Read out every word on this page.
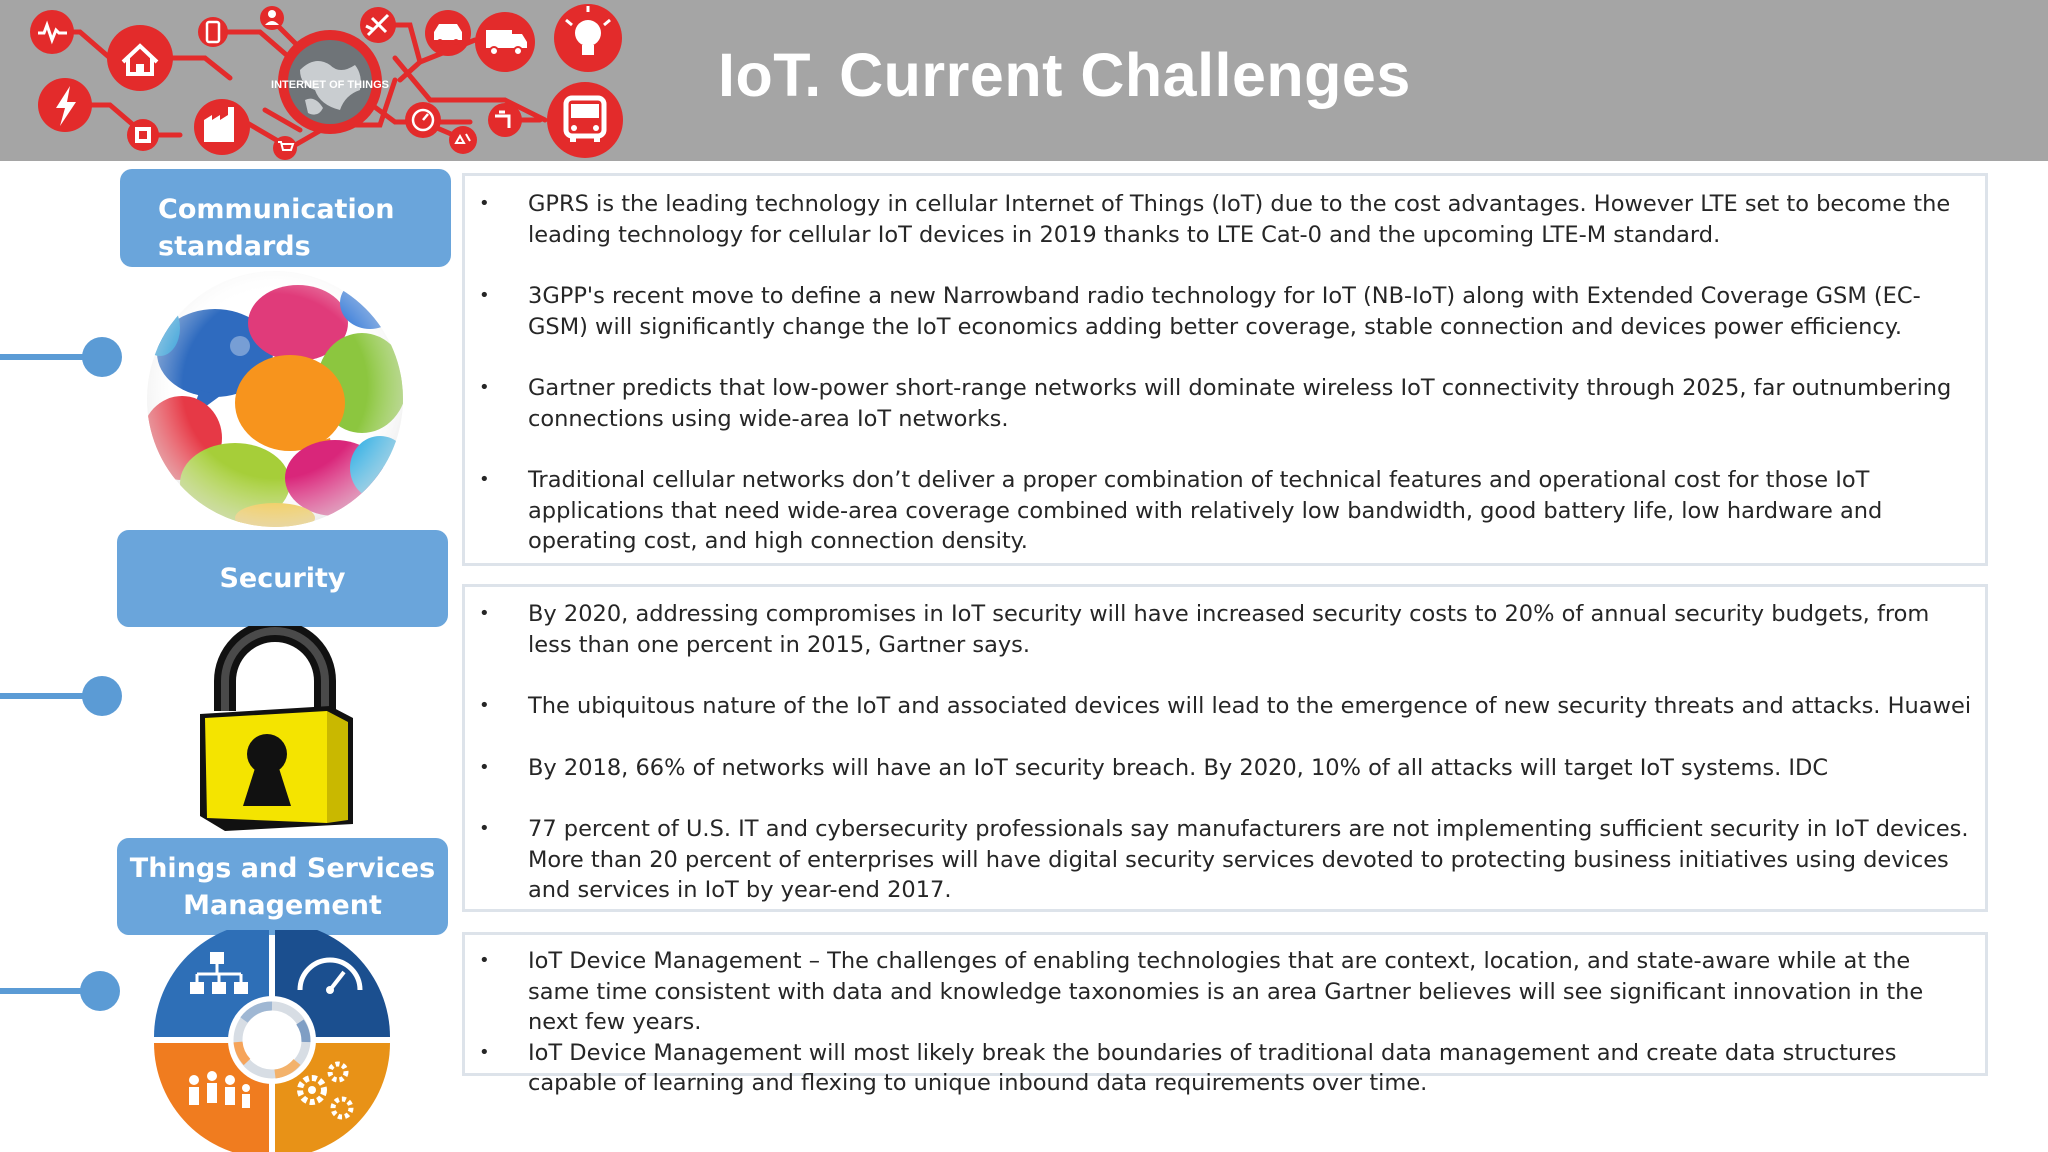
INTERNET OF THINGS	IoT. Current Challenges
Communication
standards
• GPRS is the leading technology in cellular Internet of Things (IoT) due to the cost advantages. However LTE set to become the leading technology for cellular IoT devices in 2019 thanks to LTE Cat-0 and the upcoming LTE-M standard.
• 3GPP's recent move to define a new Narrowband radio technology for IoT (NB-IoT) along with Extended Coverage GSM (EC-GSM) will significantly change the IoT economics adding better coverage, stable connection and devices power efficiency.
• Gartner predicts that low-power short-range networks will dominate wireless IoT connectivity through 2025, far outnumbering connections using wide-area IoT networks.
• Traditional cellular networks don’t deliver a proper combination of technical features and operational cost for those IoT applications that need wide-area coverage combined with relatively low bandwidth, good battery life, low hardware and operating cost, and high connection density.
Security
• By 2020, addressing compromises in IoT security will have increased security costs to 20% of annual security budgets, from less than one percent in 2015, Gartner says.
• The ubiquitous nature of the IoT and associated devices will lead to the emergence of new security threats and attacks. Huawei
• By 2018, 66% of networks will have an IoT security breach. By 2020, 10% of all attacks will target IoT systems. IDC
• 77 percent of U.S. IT and cybersecurity professionals say manufacturers are not implementing sufficient security in IoT devices. More than 20 percent of enterprises will have digital security services devoted to protecting business initiatives using devices and services in IoT by year-end 2017.
Things and Services
Management
• IoT Device Management – The challenges of enabling technologies that are context, location, and state-aware while at the same time consistent with data and knowledge taxonomies is an area Gartner believes will see significant innovation in the next few years.
• IoT Device Management will most likely break the boundaries of traditional data management and create data structures capable of learning and flexing to unique inbound data requirements over time.
